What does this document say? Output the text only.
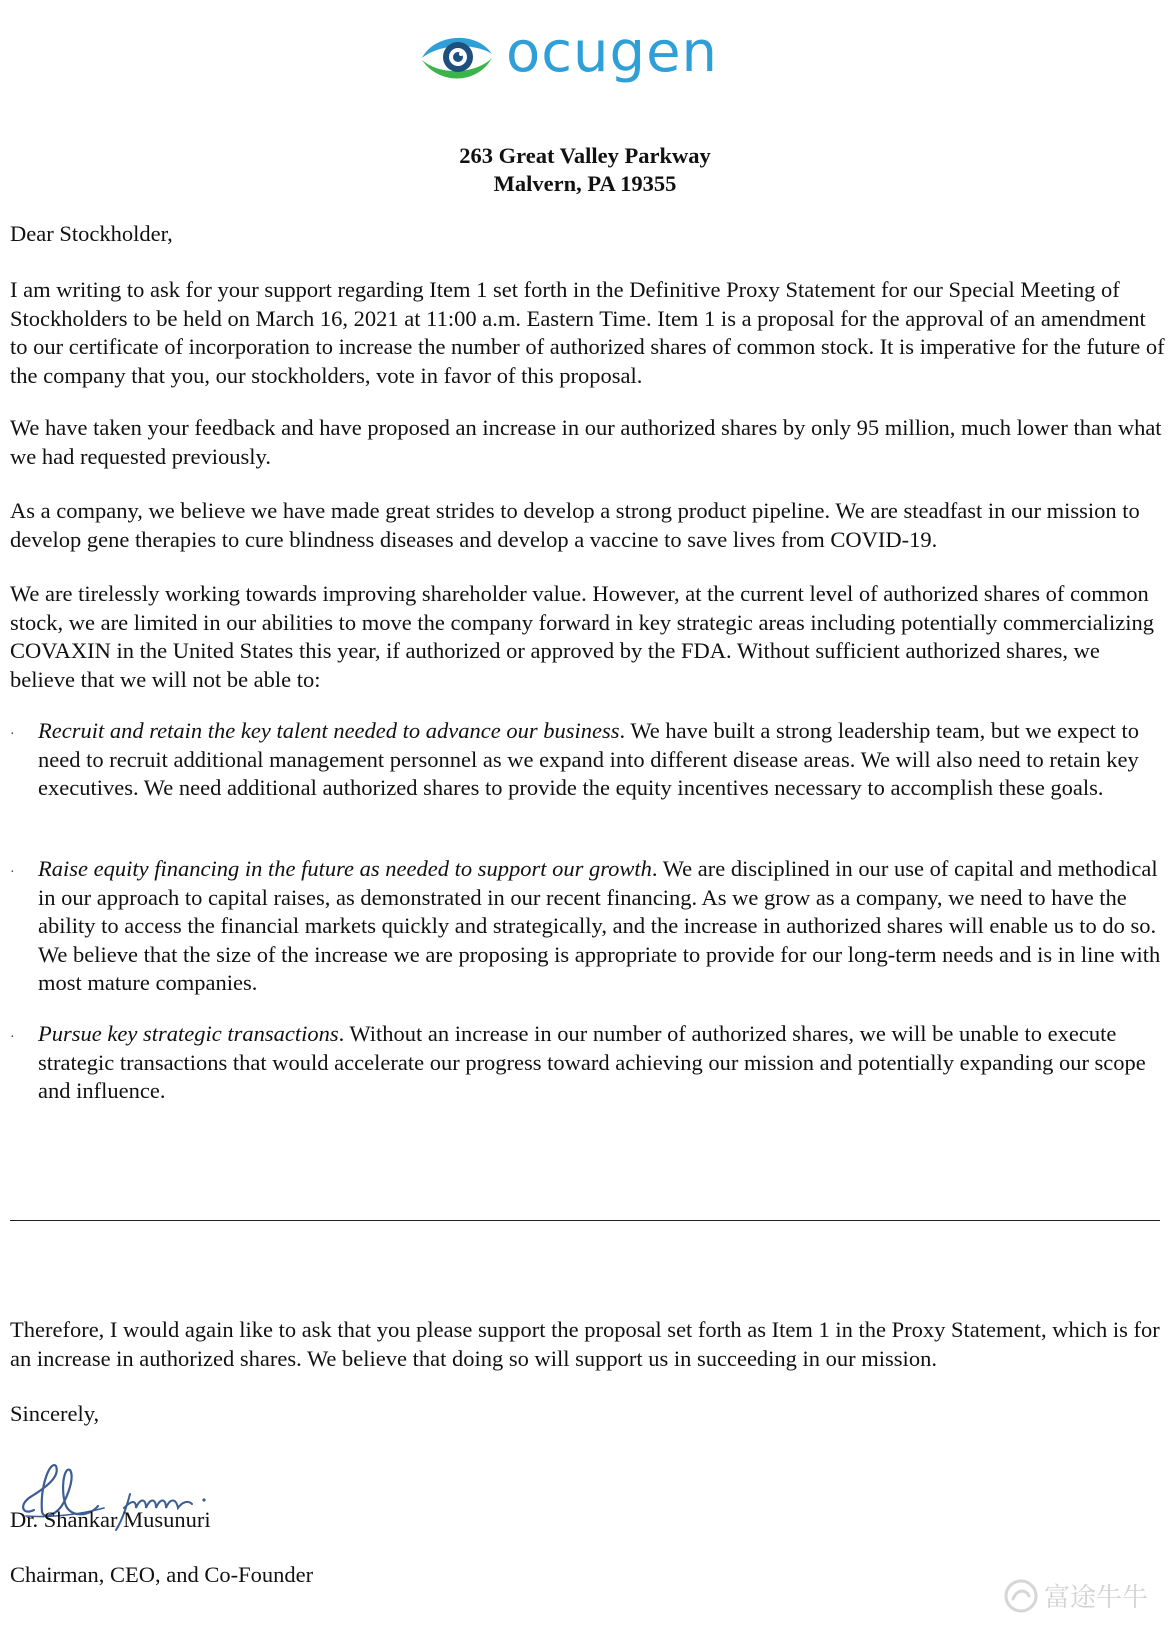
ocugen
263 Great Valley Parkway
Malvern, PA 19355

Dear Stockholder,

I am writing to ask for your support regarding Item 1 set forth in the Definitive Proxy Statement for our Special Meeting of Stockholders to be held on March 16, 2021 at 11:00 a.m. Eastern Time. Item 1 is a proposal for the approval of an amendment to our certificate of incorporation to increase the number of authorized shares of common stock. It is imperative for the future of the company that you, our stockholders, vote in favor of this proposal.

We have taken your feedback and have proposed an increase in our authorized shares by only 95 million, much lower than what we had requested previously.

As a company, we believe we have made great strides to develop a strong product pipeline. We are steadfast in our mission to develop gene therapies to cure blindness diseases and develop a vaccine to save lives from COVID-19.

We are tirelessly working towards improving shareholder value. However, at the current level of authorized shares of common stock, we are limited in our abilities to move the company forward in key strategic areas including potentially commercializing COVAXIN in the United States this year, if authorized or approved by the FDA. Without sufficient authorized shares, we believe that we will not be able to:

· Recruit and retain the key talent needed to advance our business. We have built a strong leadership team, but we expect to need to recruit additional management personnel as we expand into different disease areas. We will also need to retain key executives. We need additional authorized shares to provide the equity incentives necessary to accomplish these goals.

· Raise equity financing in the future as needed to support our growth. We are disciplined in our use of capital and methodical in our approach to capital raises, as demonstrated in our recent financing. As we grow as a company, we need to have the ability to access the financial markets quickly and strategically, and the increase in authorized shares will enable us to do so. We believe that the size of the increase we are proposing is appropriate to provide for our long-term needs and is in line with most mature companies.

· Pursue key strategic transactions. Without an increase in our number of authorized shares, we will be unable to execute strategic transactions that would accelerate our progress toward achieving our mission and potentially expanding our scope and influence.

Therefore, I would again like to ask that you please support the proposal set forth as Item 1 in the Proxy Statement, which is for an increase in authorized shares. We believe that doing so will support us in succeeding in our mission.

Sincerely,

Dr. Shankar Musunuri

Chairman, CEO, and Co-Founder

富途牛牛
